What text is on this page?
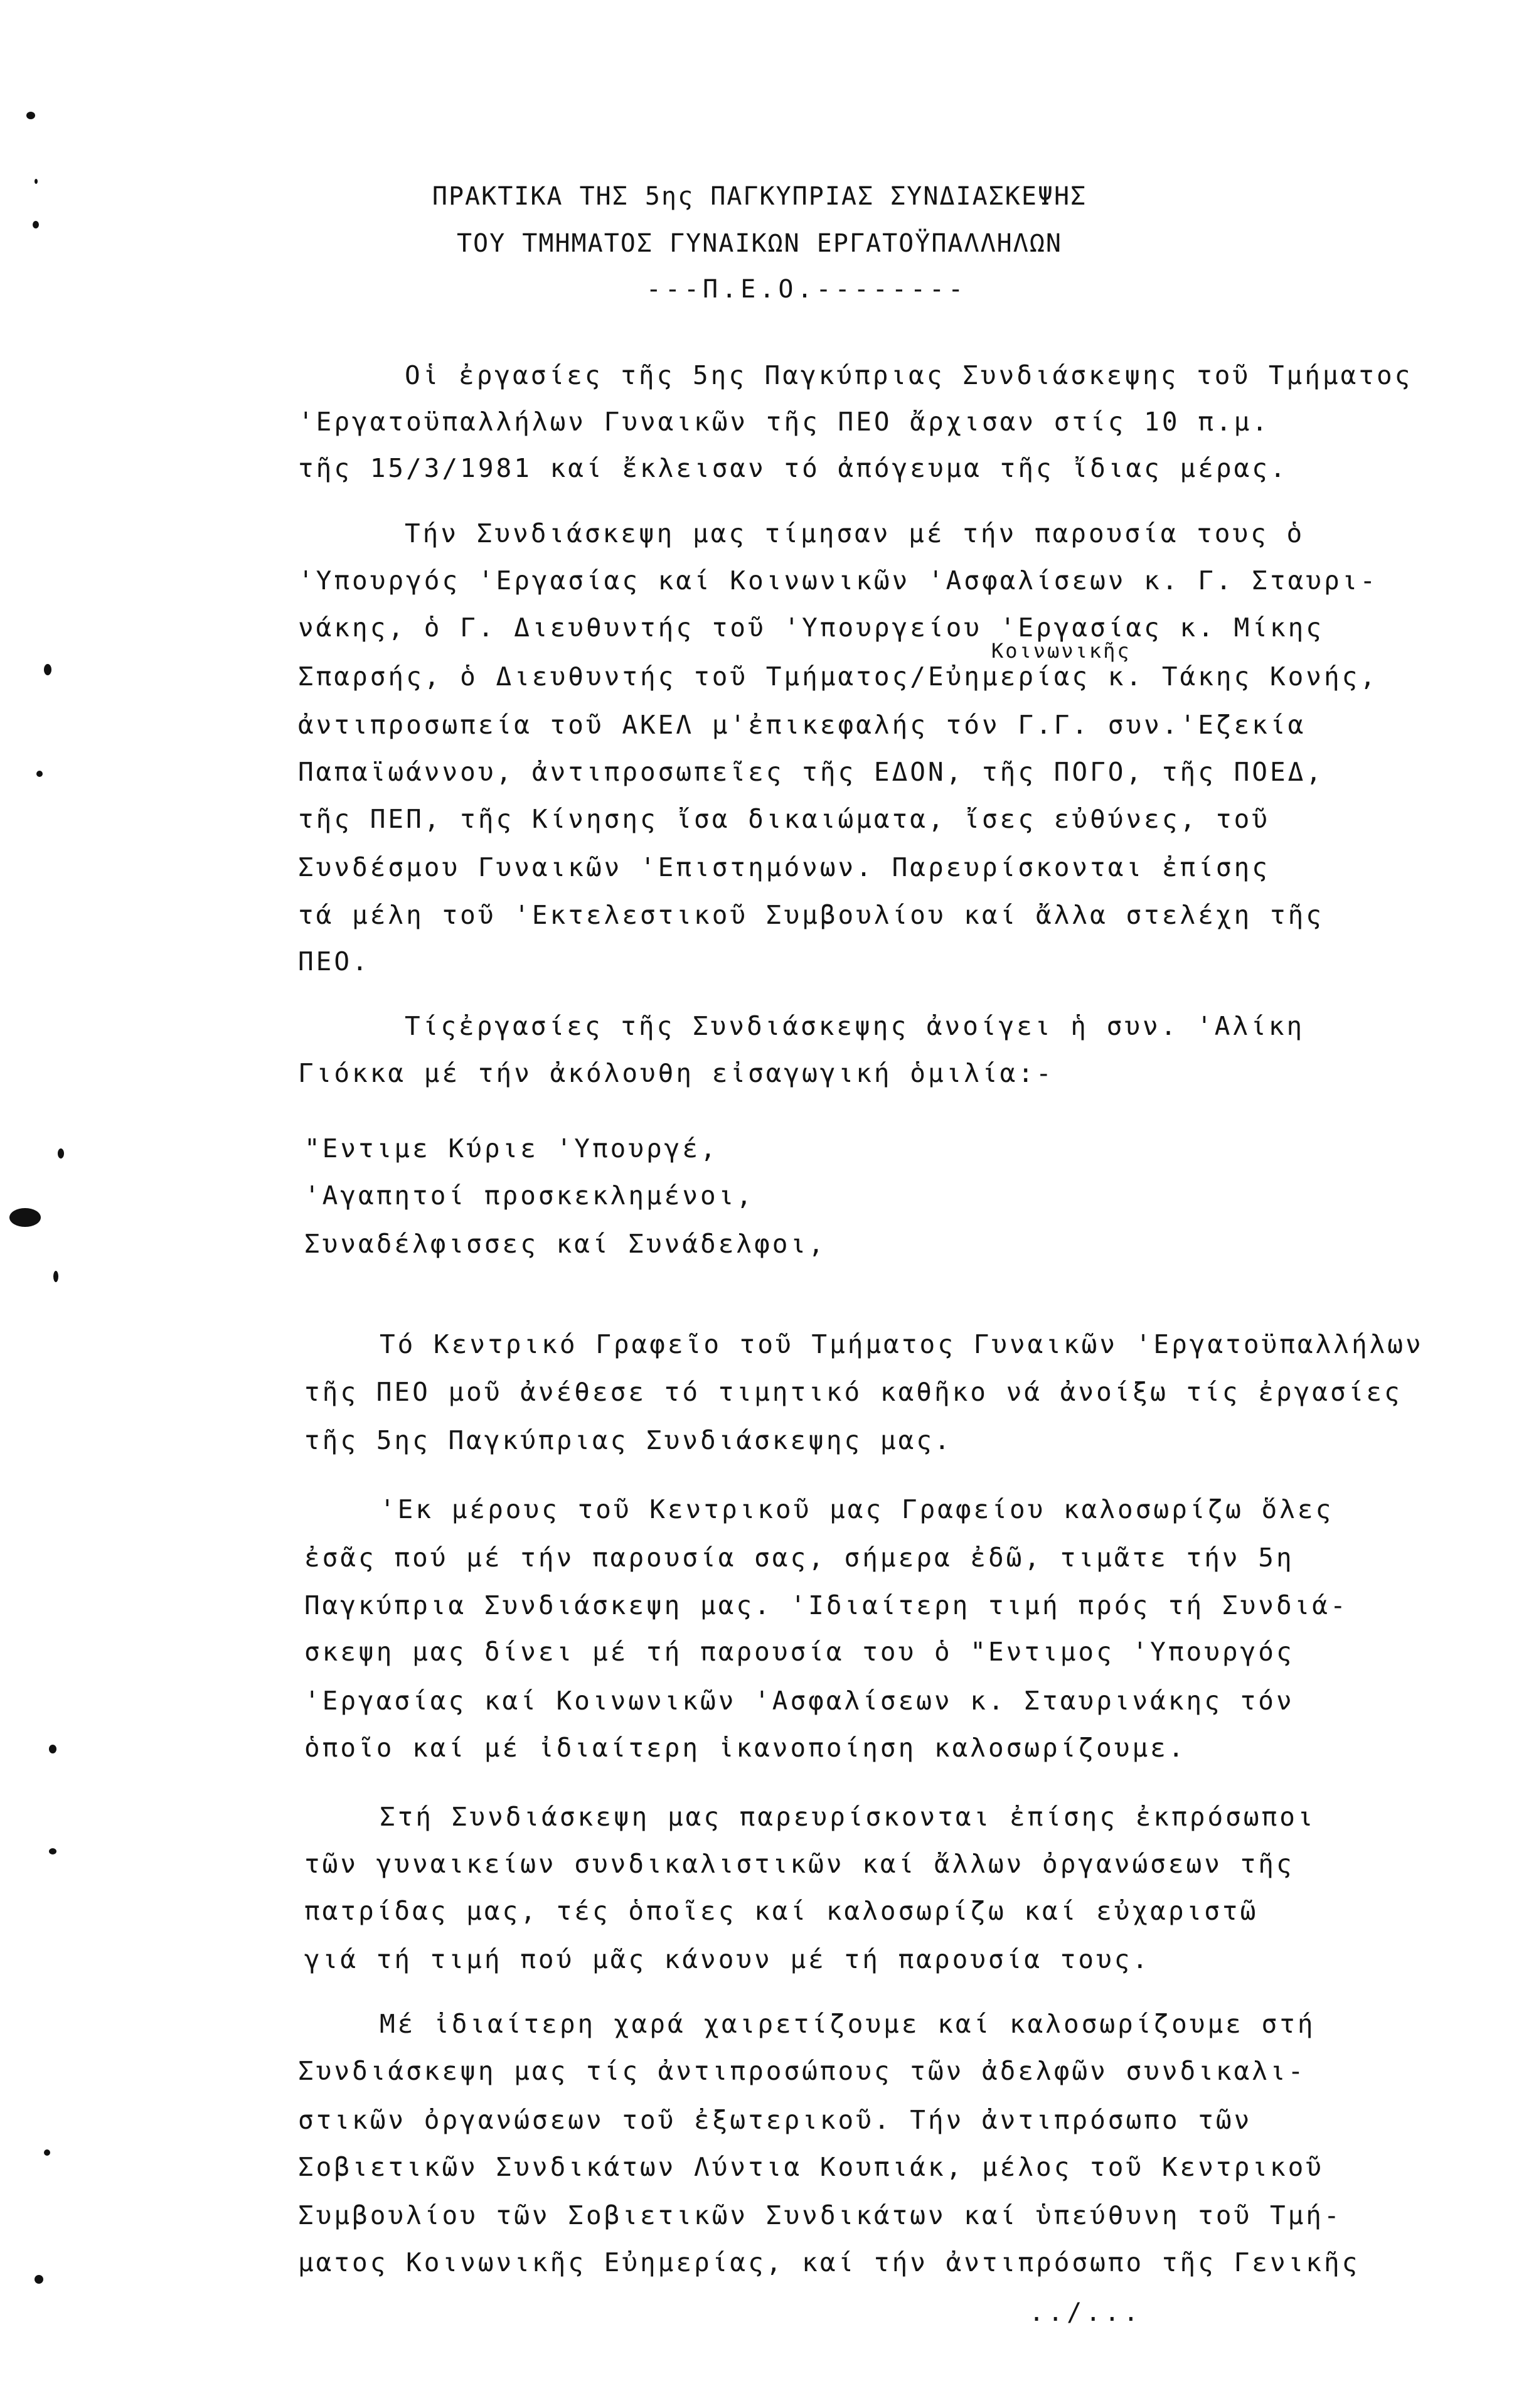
ΠΡΑΚΤΙΚΑ ΤΗΣ 5ης ΠΑΓΚΥΠΡΙΑΣ ΣΥΝΔΙΑΣΚΕΨΗΣ
ΤΟΥ ΤΜΗΜΑΤΟΣ ΓΥΝΑΙΚΩΝ ΕΡΓΑΤΟΫΠΑΛΛΗΛΩΝ
---Π.Ε.Ο.--------
Οἱ ἐργασίες τῆς 5ης Παγκύπριας Συνδιάσκεψης τοῦ Τμήματος
'Εργατοϋπαλλήλων Γυναικῶν τῆς ΠΕΟ ἄρχισαν στίς 10 π.μ.
τῆς 15/3/1981 καί ἔκλεισαν τό ἀπόγευμα τῆς ἴδιας μέρας.
Τήν Συνδιάσκεψη μας τίμησαν μέ τήν παρουσία τους ὁ
'Υπουργός 'Εργασίας καί Κοινωνικῶν 'Ασφαλίσεων κ. Γ. Σταυρι-
νάκης, ὁ Γ. Διευθυντής τοῦ 'Υπουργείου 'Εργασίας κ. Μίκης
Κοινωνικῆς
Σπαρσής, ὁ Διευθυντής τοῦ Τμήματος/Εὐημερίας κ. Τάκης Κονής,
ἀντιπροσωπεία τοῦ ΑΚΕΛ μ'ἐπικεφαλής τόν Γ.Γ. συν.'Εζεκία
Παπαϊωάννου, ἀντιπροσωπεῖες τῆς ΕΔΟΝ, τῆς ΠΟΓΟ, τῆς ΠΟΕΔ,
τῆς ΠΕΠ, τῆς Κίνησης ἴσα δικαιώματα, ἴσες εὐθύνες, τοῦ
Συνδέσμου Γυναικῶν 'Επιστημόνων. Παρευρίσκονται ἐπίσης
τά μέλη τοῦ 'Εκτελεστικοῦ Συμβουλίου καί ἄλλα στελέχη τῆς
ΠΕΟ.
Τίςἐργασίες τῆς Συνδιάσκεψης ἀνοίγει ἡ συν. 'Αλίκη
Γιόκκα μέ τήν ἀκόλουθη εἰσαγωγική ὁμιλία:-
"Εντιμε Κύριε 'Υπουργέ,
'Αγαπητοί προσκεκλημένοι,
Συναδέλφισσες καί Συνάδελφοι,
Τό Κεντρικό Γραφεῖο τοῦ Τμήματος Γυναικῶν 'Εργατοϋπαλλήλων
τῆς ΠΕΟ μοῦ ἀνέθεσε τό τιμητικό καθῆκο νά ἀνοίξω τίς ἐργασίες
τῆς 5ης Παγκύπριας Συνδιάσκεψης μας.
'Εκ μέρους τοῦ Κεντρικοῦ μας Γραφείου καλοσωρίζω ὅλες
ἐσᾶς πού μέ τήν παρουσία σας, σήμερα ἐδῶ, τιμᾶτε τήν 5η
Παγκύπρια Συνδιάσκεψη μας. 'Ιδιαίτερη τιμή πρός τή Συνδιά-
σκεψη μας δίνει μέ τή παρουσία του ὁ "Εντιμος 'Υπουργός
'Εργασίας καί Κοινωνικῶν 'Ασφαλίσεων κ. Σταυρινάκης τόν
ὁποῖο καί μέ ἰδιαίτερη ἱκανοποίηση καλοσωρίζουμε.
Στή Συνδιάσκεψη μας παρευρίσκονται ἐπίσης ἐκπρόσωποι
τῶν γυναικείων συνδικαλιστικῶν καί ἄλλων ὀργανώσεων τῆς
πατρίδας μας, τές ὁποῖες καί καλοσωρίζω καί εὐχαριστῶ
γιά τή τιμή πού μᾶς κάνουν μέ τή παρουσία τους.
Μέ ἰδιαίτερη χαρά χαιρετίζουμε καί καλοσωρίζουμε στή
Συνδιάσκεψη μας τίς ἀντιπροσώπους τῶν ἀδελφῶν συνδικαλι-
στικῶν ὀργανώσεων τοῦ ἐξωτερικοῦ. Τήν ἀντιπρόσωπο τῶν
Σοβιετικῶν Συνδικάτων Λύντια Κουπιάκ, μέλος τοῦ Κεντρικοῦ
Συμβουλίου τῶν Σοβιετικῶν Συνδικάτων καί ὑπεύθυνη τοῦ Τμή-
ματος Κοινωνικῆς Εὐημερίας, καί τήν ἀντιπρόσωπο τῆς Γενικῆς
../...
